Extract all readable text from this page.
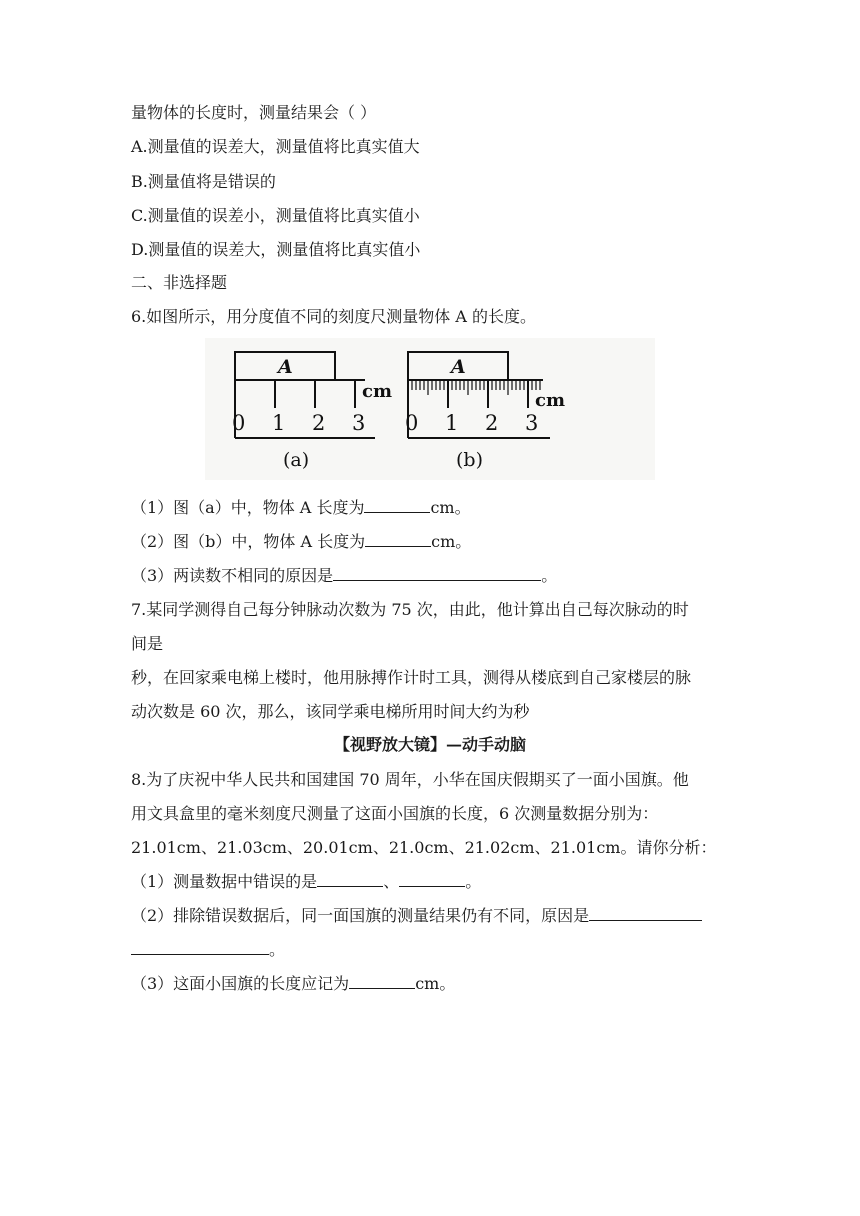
量物体的长度时，测量结果会（ ）
A.测量值的误差大，测量值将比真实值大
B.测量值将是错误的
C.测量值的误差小，测量值将比真实值小
D.测量值的误差大，测量值将比真实值小
二、非选择题
6.如图所示，用分度值不同的刻度尺测量物体 A 的长度。
A
cm
0 1 2 3
(a)
A
cm
0 1 2 3
(b)
（1）图（a）中，物体 A 长度为	cm。
（2）图（b）中，物体 A 长度为	cm。
（3）两读数不相同的原因是	。
7.某同学测得自己每分钟脉动次数为 75 次，由此，他计算出自己每次脉动的时
间是
秒，在回家乘电梯上楼时，他用脉搏作计时工具，测得从楼底到自己家楼层的脉
动次数是 60 次，那么，该同学乘电梯所用时间大约为秒
【视野放大镜】—动手动脑
8.为了庆祝中华人民共和国建国 70 周年，小华在国庆假期买了一面小国旗。他
用文具盒里的毫米刻度尺测量了这面小国旗的长度，6 次测量数据分别为：
21.01cm、21.03cm、20.01cm、21.0cm、21.02cm、21.01cm。请你分析：
（1）测量数据中错误的是	、	。
（2）排除错误数据后，同一面国旗的测量结果仍有不同，原因是
。
（3）这面小国旗的长度应记为	cm。
